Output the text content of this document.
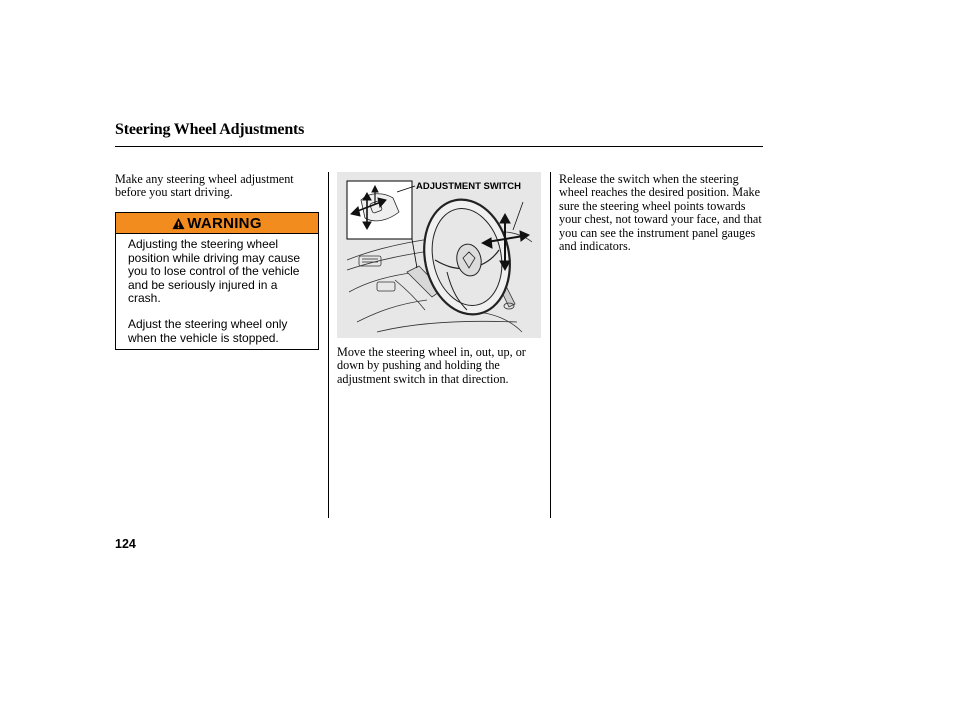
Steering Wheel Adjustments

Make any steering wheel adjustment before you start driving.

WARNING

Adjusting the steering wheel position while driving may cause you to lose control of the vehicle and be seriously injured in a crash.

Adjust the steering wheel only when the vehicle is stopped.

ADJUSTMENT SWITCH

Move the steering wheel in, out, up, or down by pushing and holding the adjustment switch in that direction.

Release the switch when the steering wheel reaches the desired position. Make sure the steering wheel points towards your chest, not toward your face, and that you can see the instrument panel gauges and indicators.

124
